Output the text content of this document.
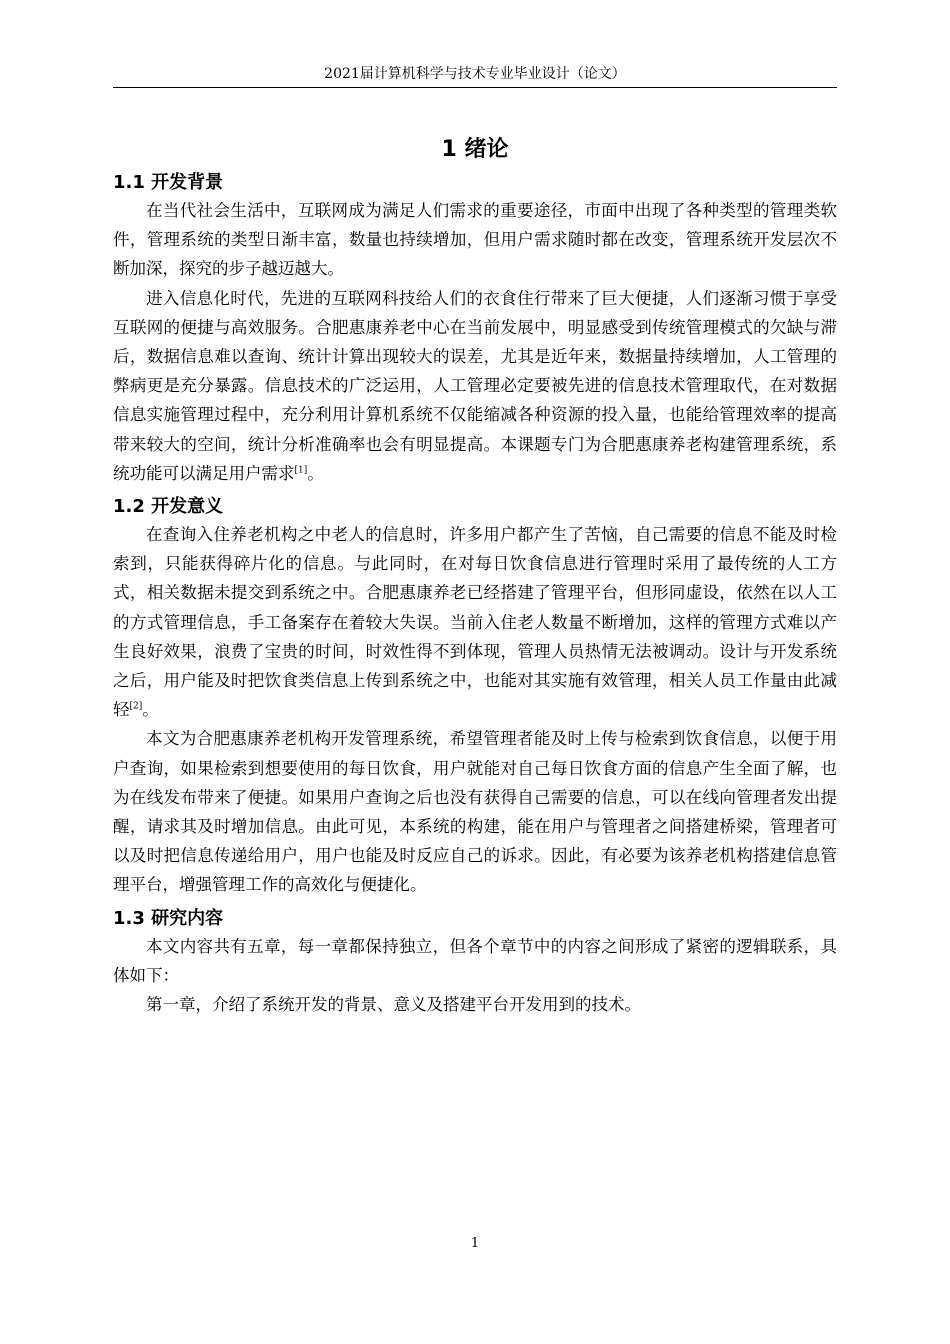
2021届计算机科学与技术专业毕业设计（论文）
1 绪论
1.1 开发背景

在当代社会生活中，互联网成为满足人们需求的重要途径，市面中出现了各种类型的管理类软件，管理系统的类型日渐丰富，数量也持续增加，但用户需求随时都在改变，管理系统开发层次不断加深，探究的步子越迈越大。

进入信息化时代，先进的互联网科技给人们的衣食住行带来了巨大便捷，人们逐渐习惯于享受互联网的便捷与高效服务。合肥惠康养老中心在当前发展中，明显感受到传统管理模式的欠缺与滞后，数据信息难以查询、统计计算出现较大的误差，尤其是近年来，数据量持续增加，人工管理的弊病更是充分暴露。信息技术的广泛运用，人工管理必定要被先进的信息技术管理取代，在对数据信息实施管理过程中，充分利用计算机系统不仅能缩减各种资源的投入量，也能给管理效率的提高带来较大的空间，统计分析准确率也会有明显提高。本课题专门为合肥惠康养老构建管理系统，系统功能可以满足用户需求[1]。

1.2 开发意义

在查询入住养老机构之中老人的信息时，许多用户都产生了苦恼，自己需要的信息不能及时检索到，只能获得碎片化的信息。与此同时，在对每日饮食信息进行管理时采用了最传统的人工方式，相关数据未提交到系统之中。合肥惠康养老已经搭建了管理平台，但形同虚设，依然在以人工的方式管理信息，手工备案存在着较大失误。当前入住老人数量不断增加，这样的管理方式难以产生良好效果，浪费了宝贵的时间，时效性得不到体现，管理人员热情无法被调动。设计与开发系统之后，用户能及时把饮食类信息上传到系统之中，也能对其实施有效管理，相关人员工作量由此减轻[2]。

本文为合肥惠康养老机构开发管理系统，希望管理者能及时上传与检索到饮食信息，以便于用户查询，如果检索到想要使用的每日饮食，用户就能对自己每日饮食方面的信息产生全面了解，也为在线发布带来了便捷。如果用户查询之后也没有获得自己需要的信息，可以在线向管理者发出提醒，请求其及时增加信息。由此可见，本系统的构建，能在用户与管理者之间搭建桥梁，管理者可以及时把信息传递给用户，用户也能及时反应自己的诉求。因此，有必要为该养老机构搭建信息管理平台，增强管理工作的高效化与便捷化。

1.3 研究内容

本文内容共有五章，每一章都保持独立，但各个章节中的内容之间形成了紧密的逻辑联系，具体如下：

第一章，介绍了系统开发的背景、意义及搭建平台开发用到的技术。

1
